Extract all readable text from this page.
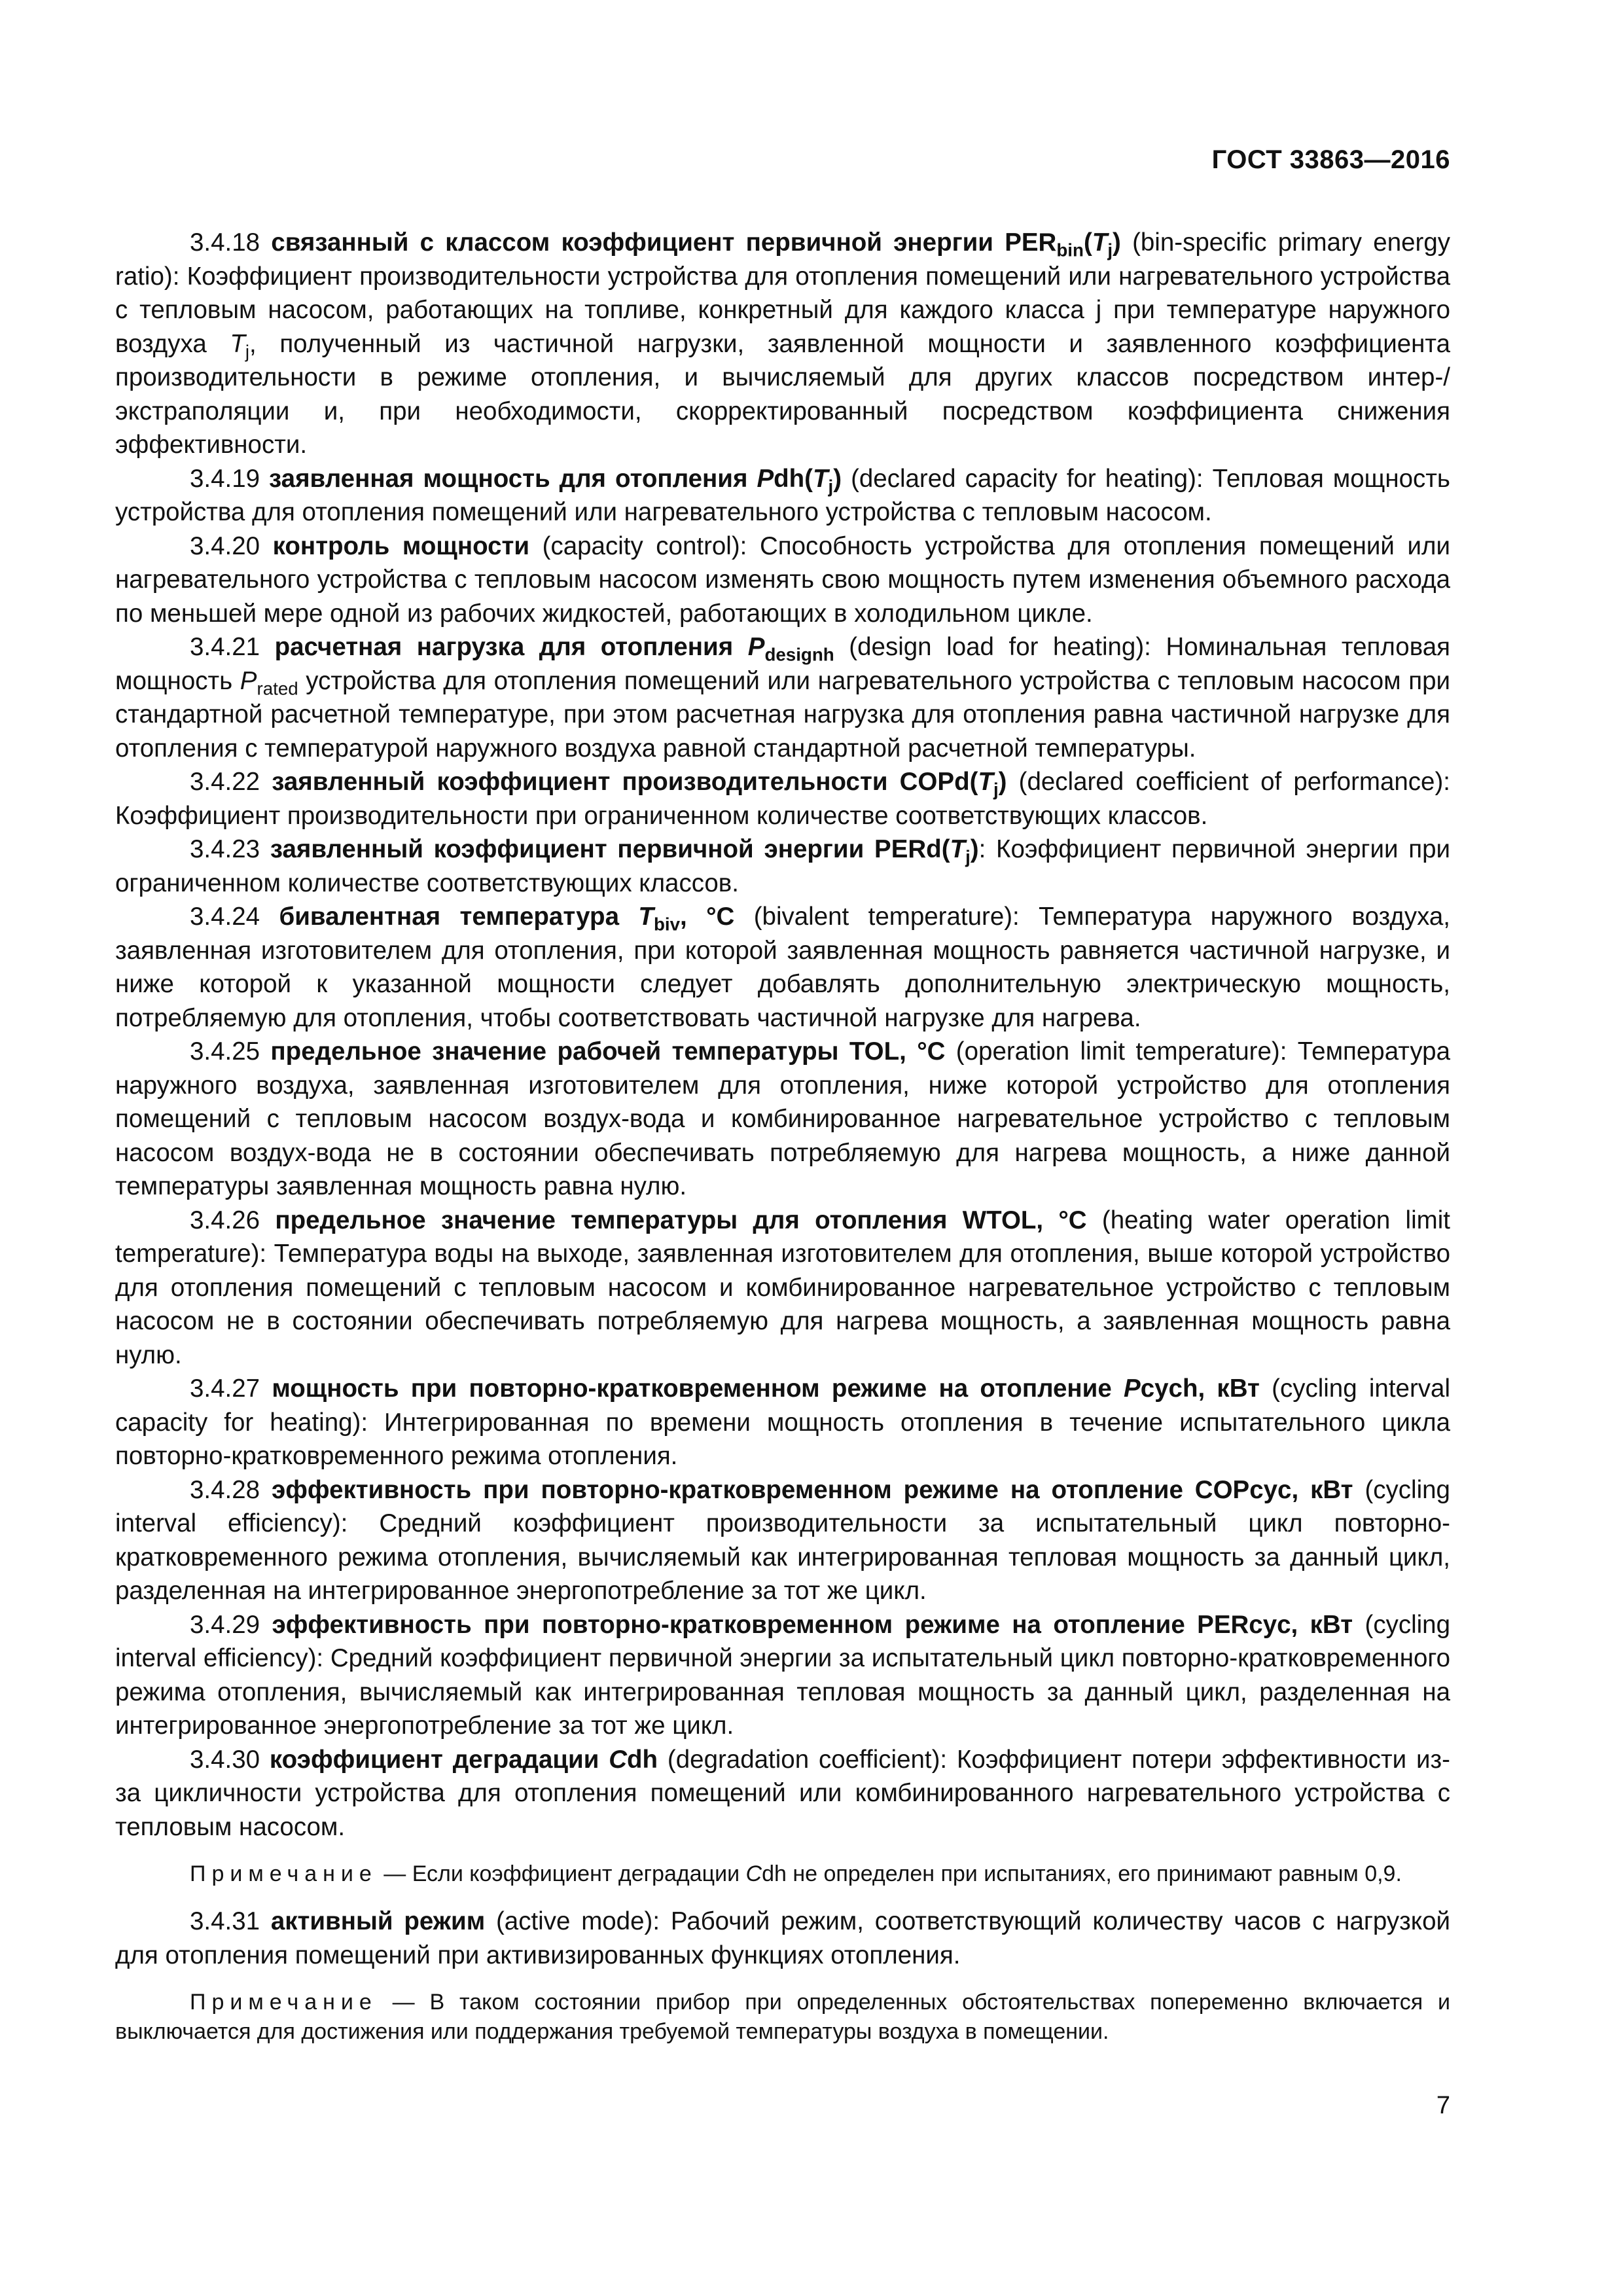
ГОСТ 33863—2016

3.4.18 связанный с классом коэффициент первичной энергии $PER_{bin}(T_j)$ (bin-specific primary energy ratio): Коэффициент производительности устройства для отопления помещений или нагревательного устройства с тепловым насосом, работающих на топливе, конкретный для каждого класса j при температуре наружного воздуха $T_j$, полученный из частичной нагрузки, заявленной мощности и заявленного коэффициента производительности в режиме отопления, и вычисляемый для других классов посредством интер-/экстраполяции и, при необходимости, скорректированный посредством коэффициента снижения эффективности.

3.4.19 заявленная мощность для отопления $Pdh(T_j)$ (declared capacity for heating): Тепловая мощность устройства для отопления помещений или нагревательного устройства с тепловым насосом.

3.4.20 контроль мощности (capacity control): Способность устройства для отопления помещений или нагревательного устройства с тепловым насосом изменять свою мощность путем изменения объемного расхода по меньшей мере одной из рабочих жидкостей, работающих в холодильном цикле.

3.4.21 расчетная нагрузка для отопления $P_{designh}$ (design load for heating): Номинальная тепловая мощность $P_{rated}$ устройства для отопления помещений или нагревательного устройства с тепловым насосом при стандартной расчетной температуре, при этом расчетная нагрузка для отопления равна частичной нагрузке для отопления с температурой наружного воздуха равной стандартной расчетной температуры.

3.4.22 заявленный коэффициент производительности $COPd(T_j)$ (declared coefficient of performance): Коэффициент производительности при ограниченном количестве соответствующих классов.

3.4.23 заявленный коэффициент первичной энергии $PERd(T_j)$: Коэффициент первичной энергии при ограниченном количестве соответствующих классов.

3.4.24 бивалентная температура $T_{biv}$, °C (bivalent temperature): Температура наружного воздуха, заявленная изготовителем для отопления, при которой заявленная мощность равняется частичной нагрузке, и ниже которой к указанной мощности следует добавлять дополнительную электрическую мощность, потребляемую для отопления, чтобы соответствовать частичной нагрузке для нагрева.

3.4.25 предельное значение рабочей температуры TOL, °C (operation limit temperature): Температура наружного воздуха, заявленная изготовителем для отопления, ниже которой устройство для отопления помещений с тепловым насосом воздух-вода и комбинированное нагревательное устройство с тепловым насосом воздух-вода не в состоянии обеспечивать потребляемую для нагрева мощность, а ниже данной температуры заявленная мощность равна нулю.

3.4.26 предельное значение температуры для отопления WTOL, °C (heating water operation limit temperature): Температура воды на выходе, заявленная изготовителем для отопления, выше которой устройство для отопления помещений с тепловым насосом и комбинированное нагревательное устройство с тепловым насосом не в состоянии обеспечивать потребляемую для нагрева мощность, а заявленная мощность равна нулю.

3.4.27 мощность при повторно-кратковременном режиме на отопление Pcych, кВт (cycling interval capacity for heating): Интегрированная по времени мощность отопления в течение испытательного цикла повторно-кратковременного режима отопления.

3.4.28 эффективность при повторно-кратковременном режиме на отопление COPcyc, кВт (cycling interval efficiency): Средний коэффициент производительности за испытательный цикл повторно-кратковременного режима отопления, вычисляемый как интегрированная тепловая мощность за данный цикл, разделенная на интегрированное энергопотребление за тот же цикл.

3.4.29 эффективность при повторно-кратковременном режиме на отопление PERcyc, кВт (cycling interval efficiency): Средний коэффициент первичной энергии за испытательный цикл повторно-кратковременного режима отопления, вычисляемый как интегрированная тепловая мощность за данный цикл, разделенная на интегрированное энергопотребление за тот же цикл.

3.4.30 коэффициент деградации Cdh (degradation coefficient): Коэффициент потери эффективности из-за цикличности устройства для отопления помещений или комбинированного нагревательного устройства с тепловым насосом.

Примечание — Если коэффициент деградации Cdh не определен при испытаниях, его принимают равным 0,9.

3.4.31 активный режим (active mode): Рабочий режим, соответствующий количеству часов с нагрузкой для отопления помещений при активизированных функциях отопления.

Примечание — В таком состоянии прибор при определенных обстоятельствах попеременно включается и выключается для достижения или поддержания требуемой температуры воздуха в помещении.

7
